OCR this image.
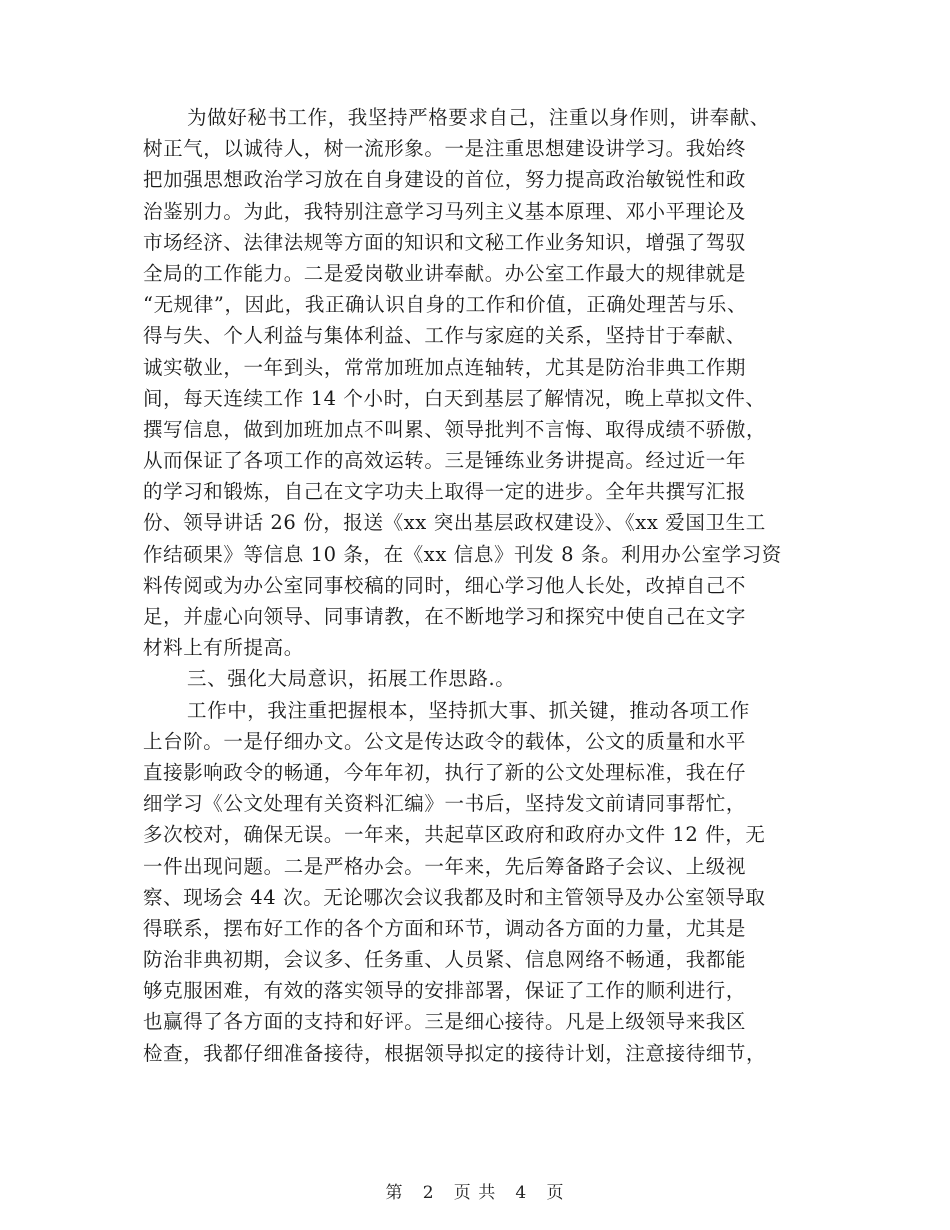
为做好秘书工作，我坚持严格要求自己，注重以身作则，讲奉献、
树正气，以诚待人，树一流形象。一是注重思想建设讲学习。我始终
把加强思想政治学习放在自身建设的首位，努力提高政治敏锐性和政
治鉴别力。为此，我特别注意学习马列主义基本原理、邓小平理论及
市场经济、法律法规等方面的知识和文秘工作业务知识，增强了驾驭
全局的工作能力。二是爱岗敬业讲奉献。办公室工作最大的规律就是
“无规律”，因此，我正确认识自身的工作和价值，正确处理苦与乐、
得与失、个人利益与集体利益、工作与家庭的关系，坚持甘于奉献、
诚实敬业，一年到头，常常加班加点连轴转，尤其是防治非典工作期
间，每天连续工作 14 个小时，白天到基层了解情况，晚上草拟文件、
撰写信息，做到加班加点不叫累、领导批判不言悔、取得成绩不骄傲，
从而保证了各项工作的高效运转。三是锤练业务讲提高。经过近一年
的学习和锻炼，自己在文字功夫上取得一定的进步。全年共撰写汇报
份、领导讲话 26 份，报送《xx 突出基层政权建设》、《xx 爱国卫生工
作结硕果》等信息 10 条，在《xx 信息》刊发 8 条。利用办公室学习资
料传阅或为办公室同事校稿的同时，细心学习他人长处，改掉自己不
足，并虚心向领导、同事请教，在不断地学习和探究中使自己在文字
材料上有所提高。
三、强化大局意识，拓展工作思路.。
工作中，我注重把握根本，坚持抓大事、抓关键，推动各项工作
上台阶。一是仔细办文。公文是传达政令的载体，公文的质量和水平
直接影响政令的畅通，今年年初，执行了新的公文处理标准，我在仔
细学习《公文处理有关资料汇编》一书后，坚持发文前请同事帮忙，
多次校对，确保无误。一年来，共起草区政府和政府办文件 12 件，无
一件出现问题。二是严格办会。一年来，先后筹备路子会议、上级视
察、现场会 44 次。无论哪次会议我都及时和主管领导及办公室领导取
得联系，摆布好工作的各个方面和环节，调动各方面的力量，尤其是
防治非典初期，会议多、任务重、人员紧、信息网络不畅通，我都能
够克服困难，有效的落实领导的安排部署，保证了工作的顺利进行，
也赢得了各方面的支持和好评。三是细心接待。凡是上级领导来我区
检查，我都仔细准备接待，根据领导拟定的接待计划，注意接待细节，
第 2 页 共 4 页
